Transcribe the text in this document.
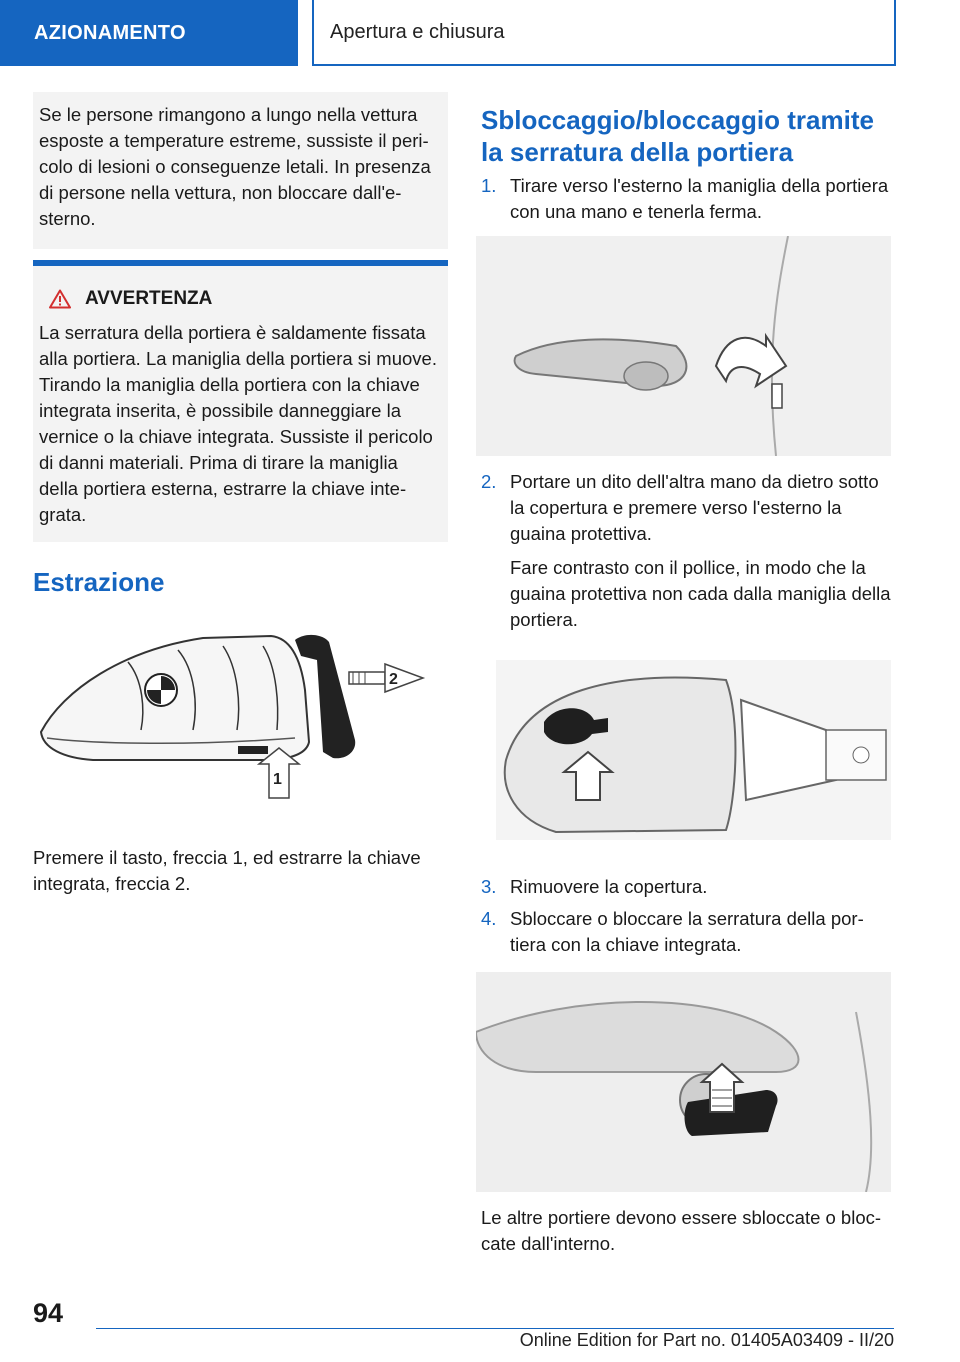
AZIONAMENTO	Apertura e chiusura
Se le persone rimangono a lungo nella vettura
esposte a temperature estreme, sussiste il peri-
colo di lesioni o conseguenze letali. In presenza
di persone nella vettura, non bloccare dall'e-
sterno.
AVVERTENZA
La serratura della portiera è saldamente fissata
alla portiera. La maniglia della portiera si muove.
Tirando la maniglia della portiera con la chiave
integrata inserita, è possibile danneggiare la
vernice o la chiave integrata. Sussiste il pericolo
di danni materiali. Prima di tirare la maniglia
della portiera esterna, estrarre la chiave inte-
grata.
Estrazione
2
1
Premere il tasto, freccia 1, ed estrarre la chiave
integrata, freccia 2.
Sbloccaggio/bloccaggio tramite
la serratura della portiera
1. Tirare verso l'esterno la maniglia della portiera
con una mano e tenerla ferma.
2. Portare un dito dell'altra mano da dietro sotto
la copertura e premere verso l'esterno la
guaina protettiva.
Fare contrasto con il pollice, in modo che la
guaina protettiva non cada dalla maniglia della
portiera.
3. Rimuovere la copertura.
4. Sbloccare o bloccare la serratura della por-
tiera con la chiave integrata.
Le altre portiere devono essere sbloccate o bloc-
cate dall'interno.
94
Online Edition for Part no. 01405A03409 - II/20
